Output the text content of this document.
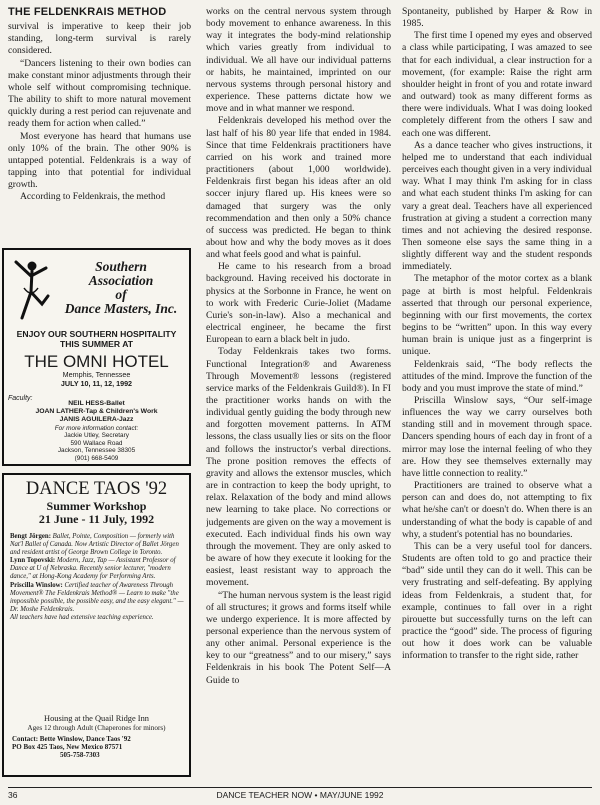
THE FELDENKRAIS METHOD

survival is imperative to keep their job standing, long-term survival is rarely considered.

“Dancers listening to their own bodies can make constant minor adjustments through their whole self without compromising technique. The ability to shift to more natural movement quickly during a rest period can rejuvenate and ready them for action when called.”

Most everyone has heard that humans use only 10% of the brain. The other 90% is untapped potential. Feldenkrais is a way of tapping into that potential for individual growth.

According to Feldenkrais, the method

Southern
Association
of
Dance Masters, Inc.
ENJOY OUR SOUTHERN HOSPITALITY
THIS SUMMER AT
THE OMNI HOTEL
Memphis, Tennessee
JULY 10, 11, 12, 1992
Faculty:
NEIL HESS-Ballet
JOAN LATHER-Tap & Children's Work
JANIS AGUILERA-Jazz
For more information contact:
Jackie Utley, Secretary
590 Wallace Road
Jackson, Tennessee 38305
(901) 668-5409
DANCE TAOS '92
Summer Workshop
21 June - 11 July, 1992
Bengt Jörgen: Ballet, Pointe, Composition — formerly with Nat'l Ballet of Canada. Now Artistic Director of Ballet Jörgen and resident artist of George Brown College in Toronto.
Lynn Topovski: Modern, Jazz, Tap — Assistant Professor of Dance at U of Nebraska. Recently senior lecturer, "modern dance," at Hong-Kong Academy for Performing Arts.
Priscilla Winslow: Certified teacher of Awareness Through Movement® The Feldenkrais Method® — Learn to make "the impossible possible, the possible easy, and the easy elegant." — Dr. Moshe Feldenkrais.
All teachers have had extensive teaching experience.
Housing at the Quail Ridge Inn
Ages 12 through Adult (Chaperones for minors)
Contact: Bette Winslow, Dance Taos '92
PO Box 425 Taos, New Mexico 87571
505-758-7303

works on the central nervous system through body movement to enhance awareness. In this way it integrates the body-mind relationship which varies greatly from individual to individual. We all have our individual patterns or habits, he maintained, imprinted on our nervous systems through personal history and experience. These patterns dictate how we move and in what manner we respond.

Feldenkrais developed his method over the last half of his 80 year life that ended in 1984. Since that time Feldenkrais practitioners have carried on his work and trained more practitioners (about 1,000 worldwide). Feldenkrais first began his ideas after an old soccer injury flared up. His knees were so damaged that surgery was the only recommendation and then only a 50% chance of success was predicted. He began to think about how and why the body moves as it does and what feels good and what is painful.

He came to his research from a broad background. Having received his doctorate in physics at the Sorbonne in France, he went on to work with Frederic Curie-Joliet (Madame Curie's son-in-law). Also a mechanical and electrical engineer, he became the first European to earn a black belt in judo.

Today Feldenkrais takes two forms. Functional Integration® and Awareness Through Movement® lessons (registered service marks of the Feldenkrais Guild®). In FI the practitioner works hands on with the individual gently guiding the body through new and forgotten movement patterns. In ATM lessons, the class usually lies or sits on the floor and follows the instructor's verbal directions. The prone position removes the effects of gravity and allows the extensor muscles, which are in contraction to keep the body upright, to relax. Relaxation of the body and mind allows new learning to take place. No corrections or judgements are given on the way a movement is executed. Each individual finds his own way through the movement. They are only asked to be aware of how they execute it looking for the easiest, least resistant way to approach the movement.

“The human nervous system is the least rigid of all structures; it grows and forms itself while we undergo experience. It is more affected by personal experience than the nervous system of any other animal. Personal experience is the key to our “greatness” and to our misery,” says Feldenkrais in his book The Potent Self—A Guide to

Spontaneity, published by Harper & Row in 1985.

The first time I opened my eyes and observed a class while participating, I was amazed to see that for each individual, a clear instruction for a movement, (for example: Raise the right arm shoulder height in front of you and rotate inward and outward) took as many different forms as there were individuals. What I was doing looked completely different from the others I saw and each one was different.

As a dance teacher who gives instructions, it helped me to understand that each individual perceives each thought given in a very individual way. What I may think I'm asking for in class and what each student thinks I'm asking for can vary a great deal. Teachers have all experienced frustration at giving a student a correction many times and not achieving the desired response. Then someone else says the same thing in a slightly different way and the student responds immediately.

The metaphor of the motor cortex as a blank page at birth is most helpful. Feldenkrais asserted that through our personal experience, beginning with our first movements, the cortex begins to be “written” upon. In this way every human brain is unique just as a fingerprint is unique.

Feldenkrais said, “The body reflects the attitudes of the mind. Improve the function of the body and you must improve the state of mind.”

Priscilla Winslow says, “Our self-image influences the way we carry ourselves both standing still and in movement through space. Dancers spending hours of each day in front of a mirror may lose the internal feeling of who they are. How they see themselves externally may have little connection to reality.”

Practitioners are trained to observe what a person can and does do, not attempting to fix what he/she can't or doesn't do. When there is an understanding of what the body is capable of and why, a student's potential has no boundaries.

This can be a very useful tool for dancers. Students are often told to go and practice their “bad” side until they can do it well. This can be very frustrating and self-defeating. By applying ideas from Feldenkrais, a student that, for example, continues to fall over in a right pirouette but successfully turns on the left can practice the “good” side. The process of figuring out how it does work can be valuable information to transfer to the right side, rather

36	DANCE TEACHER NOW • MAY/JUNE 1992
